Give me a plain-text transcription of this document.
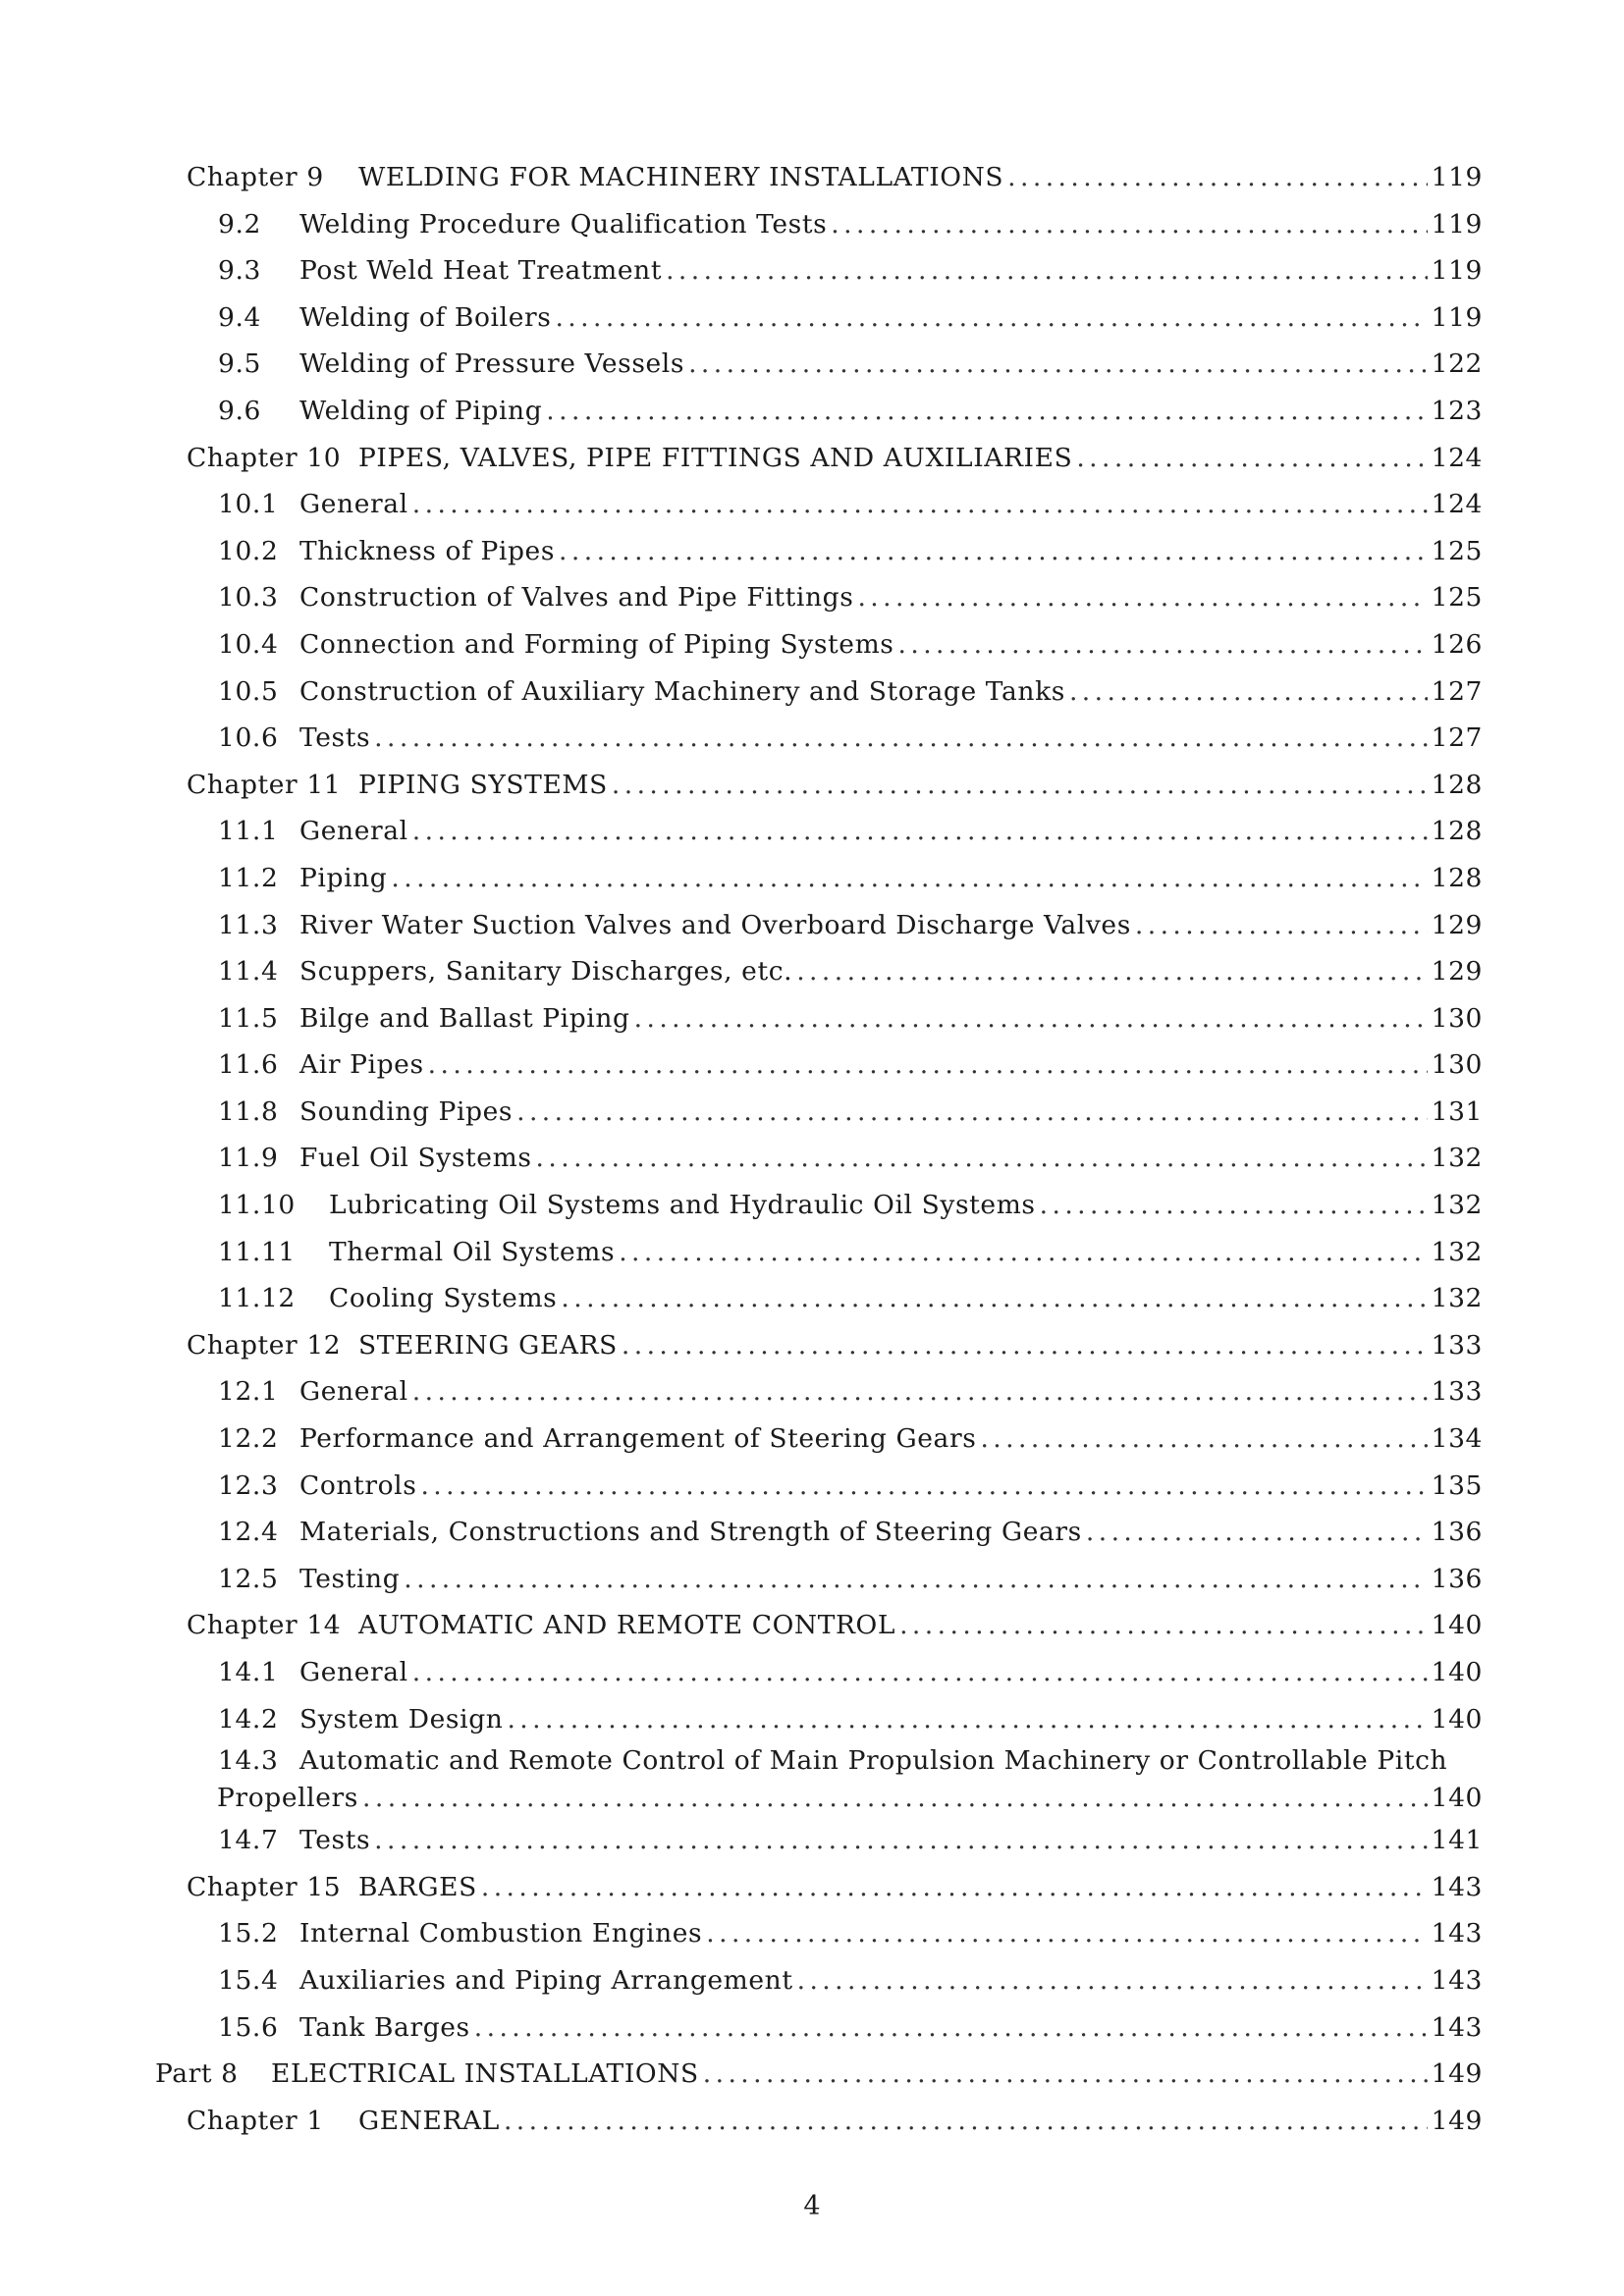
Chapter 9	WELDING FOR MACHINERY INSTALLATIONS . . .	119
9.2	Welding Procedure Qualification Tests . . .	119
9.3	Post Weld Heat Treatment . . .	119
9.4	Welding of Boilers . . .	119
9.5	Welding of Pressure Vessels . . .	122
9.6	Welding of Piping . . .	123
Chapter 10 PIPES, VALVES, PIPE FITTINGS AND AUXILIARIES . . .	124
10.1 General . . .	124
10.2 Thickness of Pipes . . .	125
10.3 Construction of Valves and Pipe Fittings . . .	125
10.4 Connection and Forming of Piping Systems . . .	126
10.5 Construction of Auxiliary Machinery and Storage Tanks . . .	127
10.6 Tests . . .	127
Chapter 11 PIPING SYSTEMS . . .	128
11.1 General . . .	128
11.2 Piping . . .	128
11.3 River Water Suction Valves and Overboard Discharge Valves . . .	129
11.4 Scuppers, Sanitary Discharges, etc. . . .	129
11.5 Bilge and Ballast Piping . . .	130
11.6 Air Pipes . . .	130
11.8 Sounding Pipes . . .	131
11.9 Fuel Oil Systems . . .	132
11.10	Lubricating Oil Systems and Hydraulic Oil Systems . . .	132
11.11	Thermal Oil Systems . . .	132
11.12	Cooling Systems . . .	132
Chapter 12 STEERING GEARS . . .	133
12.1 General . . .	133
12.2 Performance and Arrangement of Steering Gears . . .	134
12.3 Controls . . .	135
12.4 Materials, Constructions and Strength of Steering Gears . . .	136
12.5 Testing . . .	136
Chapter 14 AUTOMATIC AND REMOTE CONTROL . . .	140
14.1 General . . .	140
14.2 System Design . . .	140
14.3 Automatic and Remote Control of Main Propulsion Machinery or Controllable Pitch
Propellers . . .	140
14.7 Tests . . .	141
Chapter 15 BARGES . . .	143
15.2 Internal Combustion Engines . . .	143
15.4 Auxiliaries and Piping Arrangement . . .	143
15.6 Tank Barges . . .	143
Part 8	ELECTRICAL INSTALLATIONS . . .	149
Chapter 1	GENERAL . . .	149
4
